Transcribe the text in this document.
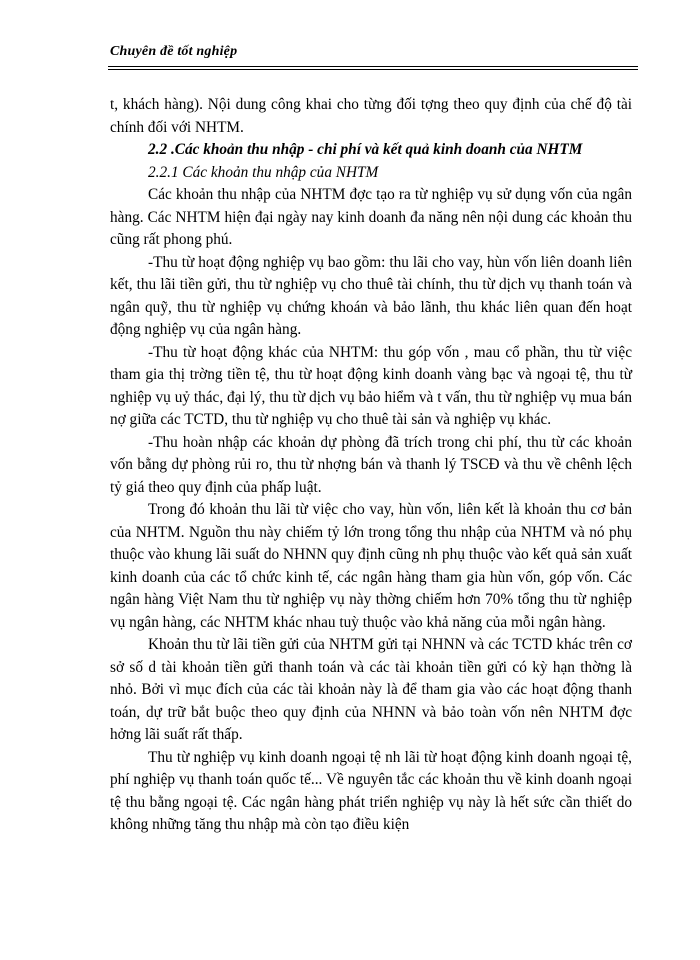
Chuyên đề tốt nghiệp

t, khách hàng). Nội dung công khai cho từng đối tợng theo quy định của chế độ tài chính đối với NHTM.

2.2 .Các khoản thu nhập - chi phí và kết quả kinh doanh của NHTM

2.2.1 Các khoản thu nhập của NHTM

Các khoản thu nhập của NHTM đợc tạo ra từ nghiệp vụ sử dụng vốn của ngân hàng. Các NHTM hiện đại ngày nay kinh doanh đa năng nên nội dung các khoản thu cũng rất phong phú.

-Thu từ hoạt động nghiệp vụ bao gồm: thu lãi cho vay, hùn vốn liên doanh liên kết, thu lãi tiền gửi, thu từ nghiệp vụ cho thuê tài chính, thu từ dịch vụ thanh toán và ngân quỹ, thu từ nghiệp vụ chứng khoán và bảo lãnh, thu khác liên quan đến hoạt động nghiệp vụ của ngân hàng.

-Thu từ hoạt động khác của NHTM: thu góp vốn , mau cổ phần, thu từ việc tham gia thị trờng tiền tệ, thu từ hoạt động kinh doanh vàng bạc và ngoại tệ, thu từ nghiệp vụ uỷ thác, đại lý, thu từ dịch vụ bảo hiểm và t vấn, thu từ nghiệp vụ mua bán nợ giữa các TCTD, thu từ nghiệp vụ cho thuê tài sản và nghiệp vụ khác.

-Thu hoàn nhập các khoản dự phòng đã trích trong chi phí, thu từ các khoản vốn bằng dự phòng rủi ro, thu từ nhợng bán và thanh lý TSCĐ và thu về chênh lệch tỷ giá theo quy định của phấp luật.

Trong đó khoản thu lãi từ việc cho vay, hùn vốn, liên kết là khoản thu cơ bản của NHTM. Nguồn thu này chiếm tỷ lớn trong tổng thu nhập của NHTM và nó phụ thuộc vào khung lãi suất do NHNN quy định cũng nh phụ thuộc vào kết quả sản xuất kinh doanh của các tổ chức kinh tế, các ngân hàng tham gia hùn vốn, góp vốn. Các ngân hàng Việt Nam thu từ nghiệp vụ này thờng chiếm hơn 70% tổng thu từ nghiệp vụ ngân hàng, các NHTM khác nhau tuỳ thuộc vào khả năng của mỗi ngân hàng.

Khoản thu từ lãi tiền gửi của NHTM gửi tại NHNN và các TCTD khác trên cơ sở số d tài khoản tiền gửi thanh toán và các tài khoản tiền gửi có kỳ hạn thờng là nhỏ. Bởi vì mục đích của các tài khoản này là để tham gia vào các hoạt động thanh toán, dự trữ bắt buộc theo quy định của NHNN và bảo toàn vốn nên NHTM đợc hởng lãi suất rất thấp.

Thu từ nghiệp vụ kinh doanh ngoại tệ nh lãi từ hoạt động kinh doanh ngoại tệ, phí nghiệp vụ thanh toán quốc tế... Về nguyên tắc các khoản thu về kinh doanh ngoại tệ thu bằng ngoại tệ. Các ngân hàng phát triển nghiệp vụ này là hết sức cần thiết do không những tăng thu nhập mà còn tạo điều kiện
